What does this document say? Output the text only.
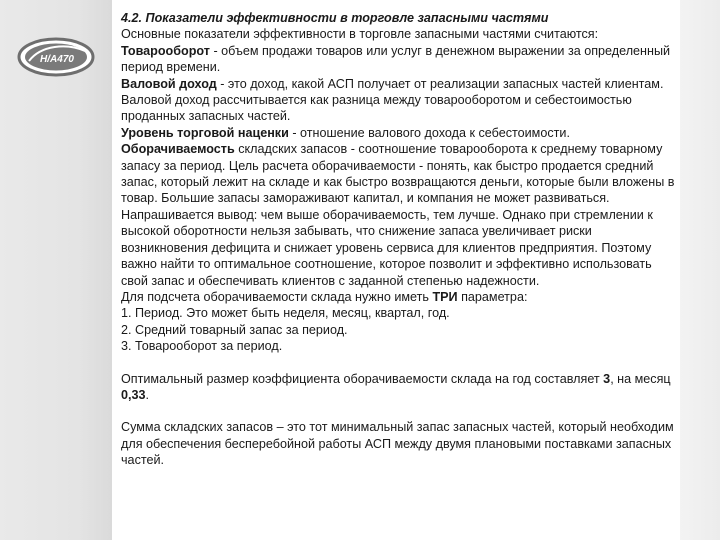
Н/А470

4.2. Показатели эффективности в торговле запасными частями

Основные показатели эффективности в торговле запасными частями считаются:

Товарооборот - объем продажи товаров или услуг в денежном выражении за определенный период времени.

Валовой доход - это доход, какой АСП получает от реализации запасных частей клиентам. Валовой доход рассчитывается как разница между товарооборотом и себестоимостью проданных запасных частей.

Уровень торговой наценки - отношение валового дохода к себестоимости.

Оборачиваемость складских запасов - соотношение товарооборота к среднему товарному запасу за период. Цель расчета оборачиваемости - понять, как быстро продается средний запас, который лежит на складе и как быстро возвращаются деньги, которые были вложены в товар. Большие запасы замораживают капитал, и компания не может развиваться.

Напрашивается вывод: чем выше оборачиваемость, тем лучше. Однако при стремлении к высокой оборотности нельзя забывать, что снижение запаса увеличивает риски возникновения дефицита и снижает уровень сервиса для клиентов предприятия. Поэтому важно найти то оптимальное соотношение, которое позволит и эффективно использовать свой запас и обеспечивать клиентов с заданной степенью надежности.

Для подсчета оборачиваемости склада нужно иметь ТРИ параметра:

1. Период. Это может быть неделя, месяц, квартал, год.

2. Средний товарный запас за период.

3. Товарооборот за период.

Оптимальный размер коэффициента оборачиваемости склада на год составляет 3, на месяц 0,33.

Сумма складских запасов – это тот минимальный запас запасных частей, который необходим для обеспечения бесперебойной работы АСП между двумя плановыми поставками запасных частей.
